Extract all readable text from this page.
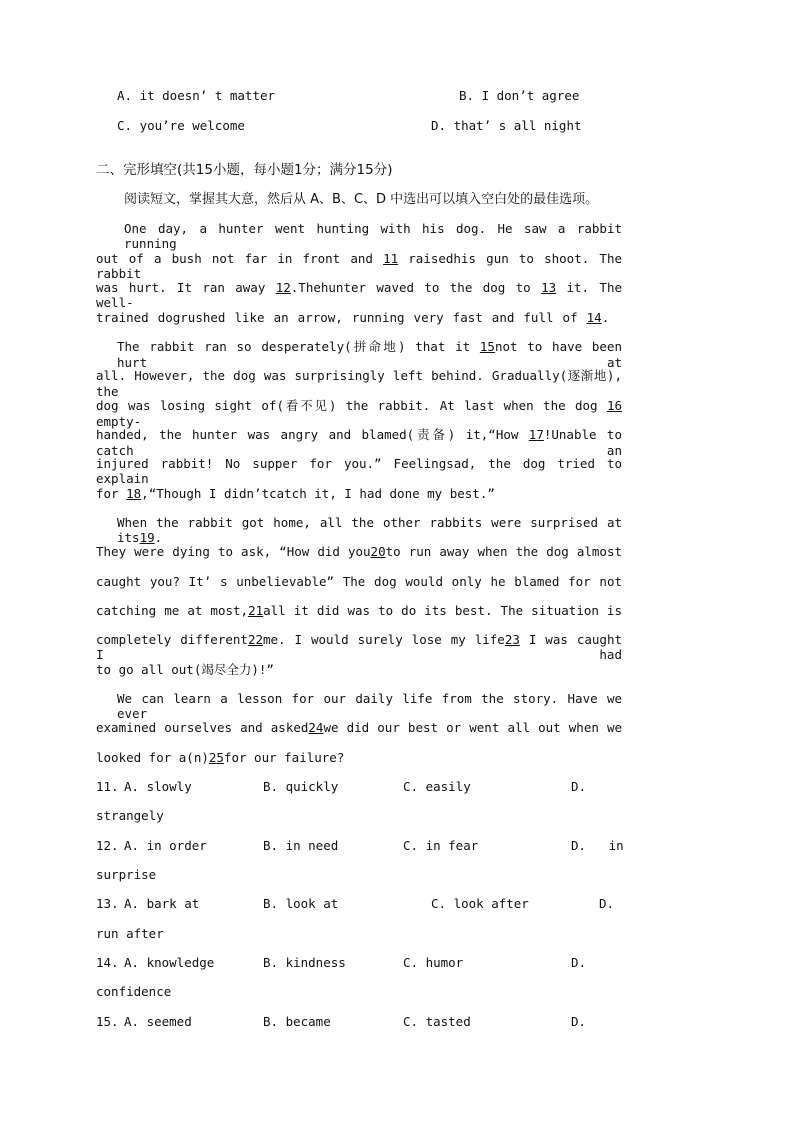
A. it doesn’ t matter	B. I don’t agree
C. you’re welcome	D. that’ s all night
二、完形填空(共15小题，每小题1分；满分15分)
阅读短文，掌握其大意，然后从 A、B、C、D 中选出可以填入空白处的最佳选项。
One day, a hunter went hunting with his dog. He saw a rabbit running
out of a bush not far in front and 11 raisedhis gun to shoot. The rabbit
was hurt. It ran away 12.Thehunter waved to the dog to 13 it. The well-
trained dogrushed like an arrow, running very fast and full of 14.
The rabbit ran so desperately(拼命地) that it 15not to have been hurt at
all. However, the dog was surprisingly left behind. Gradually(逐渐地), the
dog was losing sight of(看不见) the rabbit. At last when the dog 16 empty-
handed, the hunter was angry and blamed(责备) it,“How 17!Unable to catch an
injured rabbit! No supper for you.” Feelingsad, the dog tried to explain
for 18,“Though I didn’tcatch it, I had done my best.”
When the rabbit got home, all the other rabbits were surprised at its19.
They were dying to ask, “How did you20to run away when the dog almost
caught you? It’ s unbelievable” The dog would only he blamed for not
catching me at most,21all it did was to do its best. The situation is
completely different22me. I would surely lose my life23 I was caught I had
to go all out(竭尽全力)!”
We can learn a lesson for our daily life from the story. Have we ever
examined ourselves and asked24we did our best or went all out when we
looked for a(n)25for our failure?
11. A. slowly	B. quickly	C. easily	D.
strangely
12. A. in order	B. in need	C. in fear	D.   in
surprise
13. A. bark at	B. look at	C. look after	D.
run after
14. A. knowledge	B. kindness	C. humor	D.
confidence
15. A. seemed	B. became	C. tasted	D.
